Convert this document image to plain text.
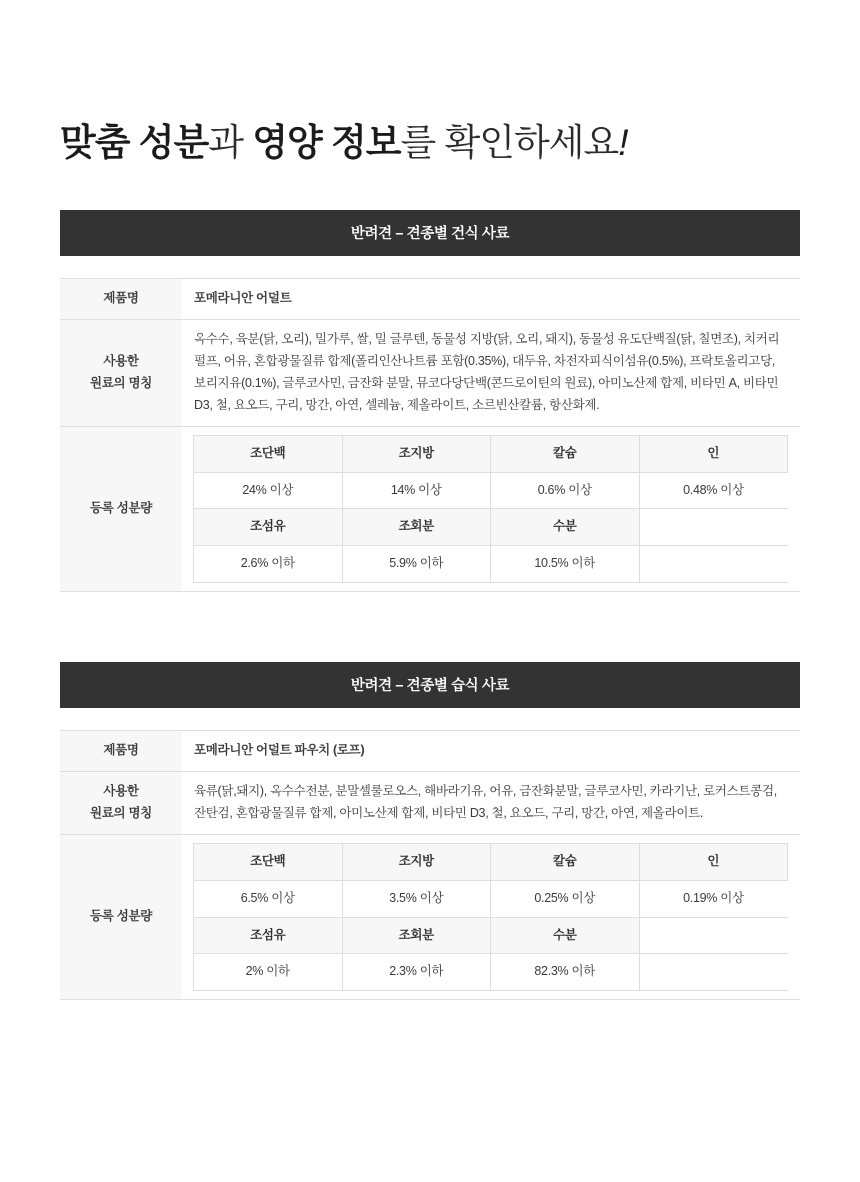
맞춤 성분과 영양 정보를 확인하세요!
반려견 – 견종별 건식 사료
제품명	포메라니안 어덜트
사용한
원료의 명칭	옥수수, 육분(닭, 오리), 밀가루, 쌀, 밀 글루텐, 동물성 지방(닭, 오리, 돼지), 동물성 유도단백질(닭, 칠면조), 치커리 펄프, 어유, 혼합광물질류 합제(폴리인산나트륨 포함(0.35%), 대두유, 차전자피식이섬유(0.5%), 프락토올리고당, 보리지유(0.1%), 글루코사민, 금잔화 분말, 뮤코다당단백(콘드로이틴의 원료), 아미노산제 합제, 비타민 A, 비타민 D3, 철, 요오드, 구리, 망간, 아연, 셀레늄, 제올라이트, 소르빈산칼륨, 항산화제.
등록 성분량	
조단백	조지방	칼슘	인
24% 이상	14% 이상	0.6% 이상	0.48% 이상
조섬유	조회분	수분	
2.6% 이하	5.9% 이하	10.5% 이하	
반려견 – 견종별 습식 사료
제품명	포메라니안 어덜트 파우치 (로프)
사용한
원료의 명칭	육류(닭,돼지), 옥수수전분, 분말셀룰로오스, 해바라기유, 어유, 금잔화분말, 글루코사민, 카라기난, 로커스트콩검, 잔탄검, 혼합광물질류 합제, 아미노산제 합제, 비타민 D3, 철, 요오드, 구리, 망간, 아연, 제올라이트.
등록 성분량	
조단백	조지방	칼슘	인
6.5% 이상	3.5% 이상	0.25% 이상	0.19% 이상
조섬유	조회분	수분	
2% 이하	2.3% 이하	82.3% 이하	
